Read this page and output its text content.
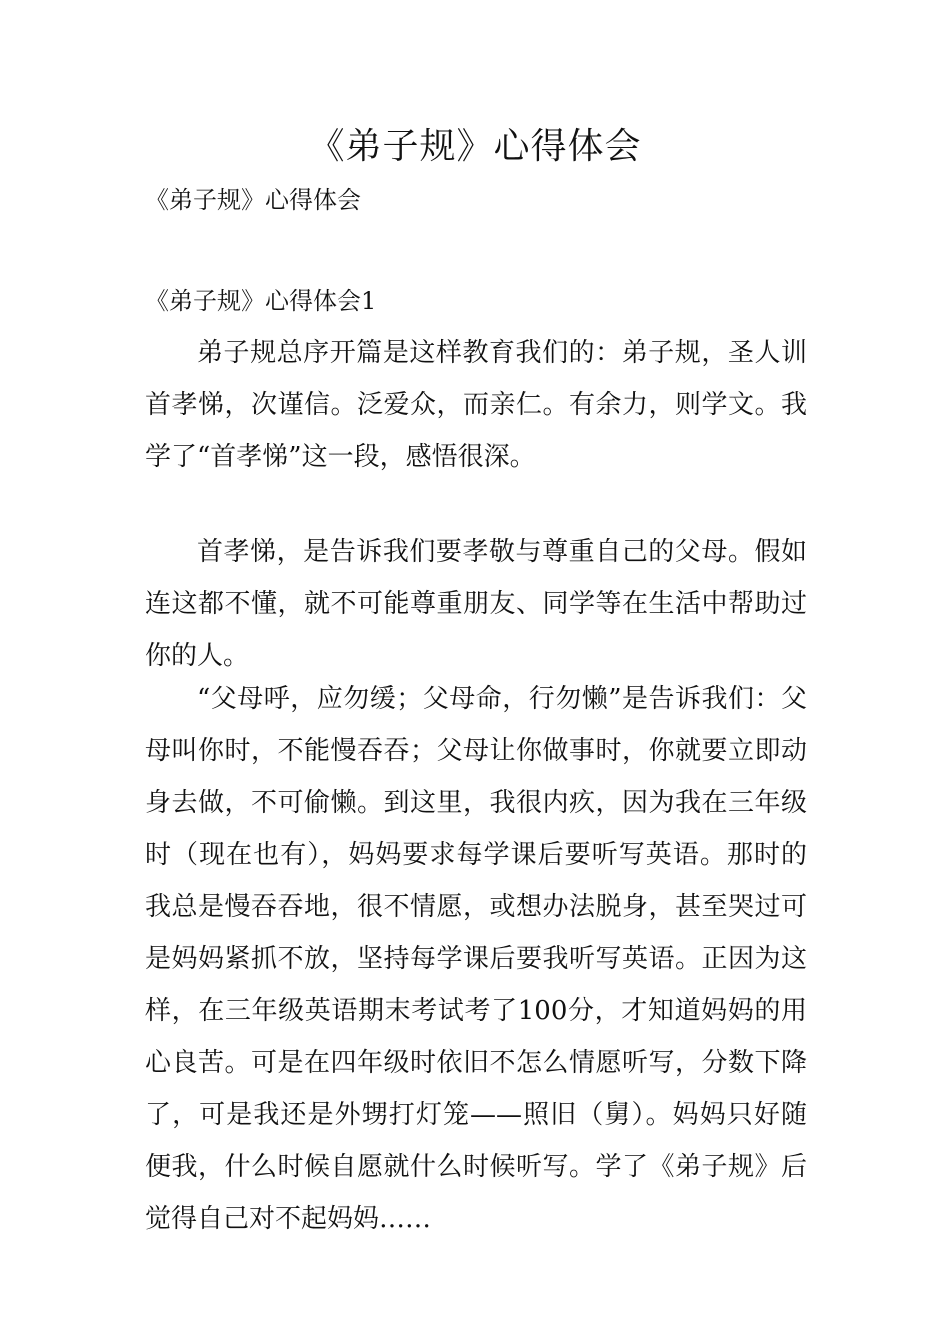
《弟子规》心得体会

《弟子规》心得体会

《弟子规》心得体会1

弟子规总序开篇是这样教育我们的：弟子规，圣人训首孝悌，次谨信。泛爱众，而亲仁。有余力，则学文。我学了“首孝悌”这一段，感悟很深。

首孝悌，是告诉我们要孝敬与尊重自己的父母。假如连这都不懂，就不可能尊重朋友、同学等在生活中帮助过你的人。

“父母呼，应勿缓；父母命，行勿懒”是告诉我们：父母叫你时，不能慢吞吞；父母让你做事时，你就要立即动身去做，不可偷懒。到这里，我很内疚，因为我在三年级时（现在也有），妈妈要求每学课后要听写英语。那时的我总是慢吞吞地，很不情愿，或想办法脱身，甚至哭过可是妈妈紧抓不放，坚持每学课后要我听写英语。正因为这样，在三年级英语期末考试考了100分，才知道妈妈的用心良苦。可是在四年级时依旧不怎么情愿听写，分数下降了，可是我还是外甥打灯笼——照旧（舅）。妈妈只好随便我，什么时候自愿就什么时候听写。学了《弟子规》后觉得自己对不起妈妈……
